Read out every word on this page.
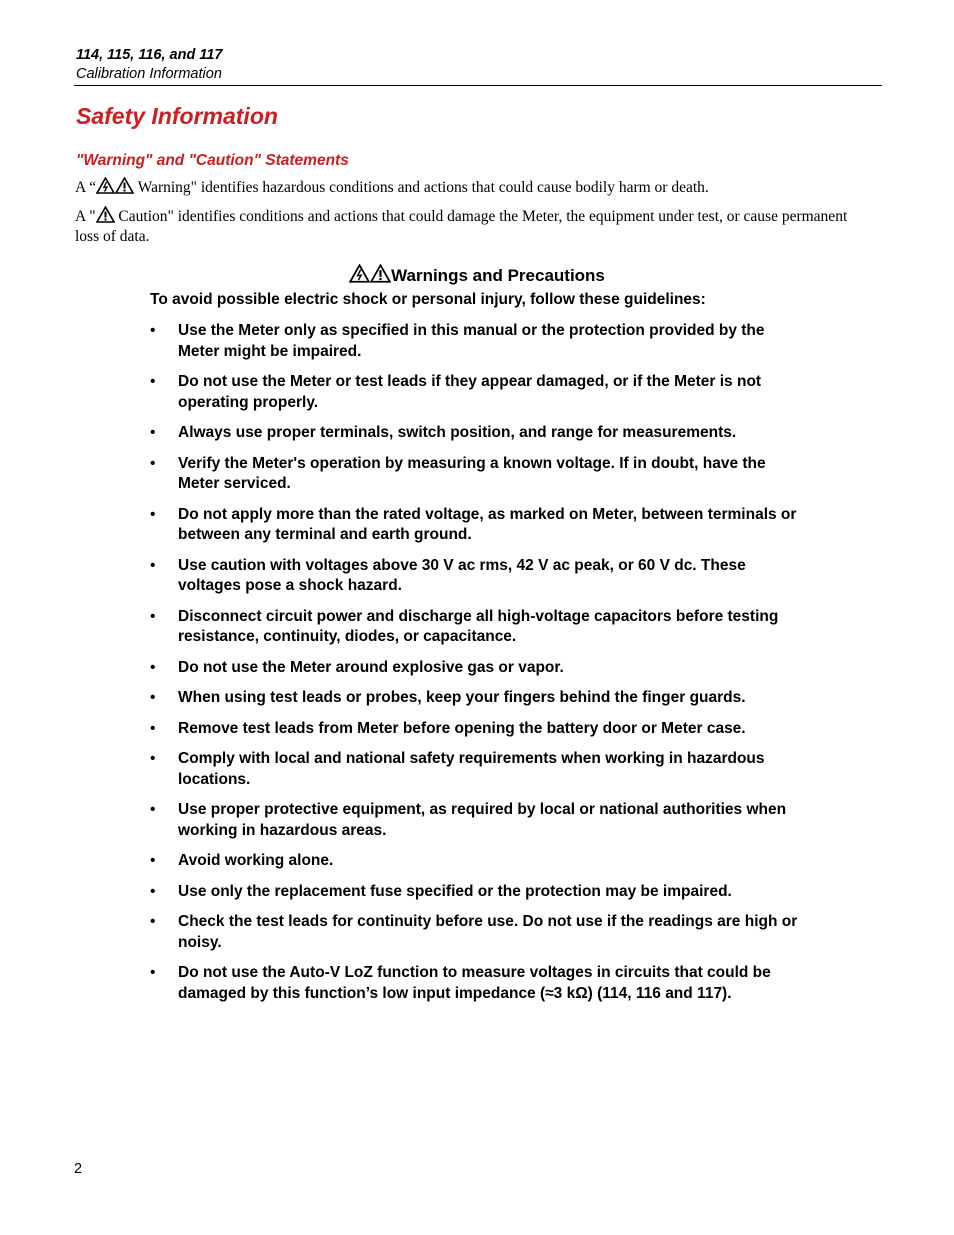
114, 115, 116, and 117
Calibration Information
Safety Information
"Warning" and "Caution" Statements

A “ Warning" identifies hazardous conditions and actions that could cause bodily harm or death.

A " Caution" identifies conditions and actions that could damage the Meter, the equipment under test, or cause permanent loss of data.

Warnings and Precautions
To avoid possible electric shock or personal injury, follow these guidelines:
• Use the Meter only as specified in this manual or the protection provided by the Meter might be impaired.
• Do not use the Meter or test leads if they appear damaged, or if the Meter is not operating properly.
• Always use proper terminals, switch position, and range for measurements.
• Verify the Meter's operation by measuring a known voltage. If in doubt, have the Meter serviced.
• Do not apply more than the rated voltage, as marked on Meter, between terminals or between any terminal and earth ground.
• Use caution with voltages above 30 V ac rms, 42 V ac peak, or 60 V dc. These voltages pose a shock hazard.
• Disconnect circuit power and discharge all high-voltage capacitors before testing resistance, continuity, diodes, or capacitance.
• Do not use the Meter around explosive gas or vapor.
• When using test leads or probes, keep your fingers behind the finger guards.
• Remove test leads from Meter before opening the battery door or Meter case.
• Comply with local and national safety requirements when working in hazardous locations.
• Use proper protective equipment, as required by local or national authorities when working in hazardous areas.
• Avoid working alone.
• Use only the replacement fuse specified or the protection may be impaired.
• Check the test leads for continuity before use. Do not use if the readings are high or noisy.
• Do not use the Auto-V LoZ function to measure voltages in circuits that could be damaged by this function’s low input impedance (≈3 kΩ) (114, 116 and 117).
2
